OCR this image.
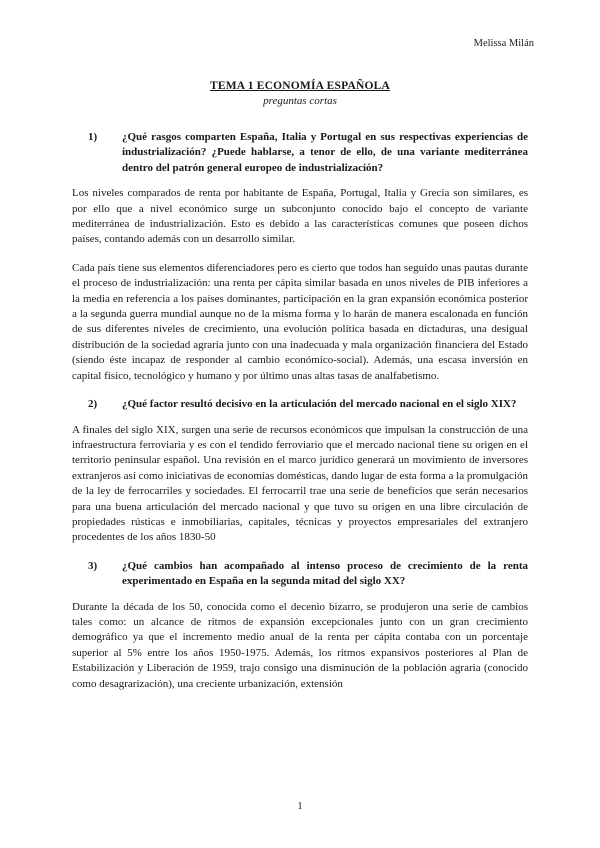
Melissa Milán
TEMA 1 ECONOMÍA ESPAÑOLA
preguntas cortas
1)	¿Qué rasgos comparten España, Italia y Portugal en sus respectivas experiencias de industrialización? ¿Puede hablarse, a tenor de ello, de una variante mediterránea dentro del patrón general europeo de industrialización?

Los niveles comparados de renta por habitante de España, Portugal, Italia y Grecia son similares, es por ello que a nivel económico surge un subconjunto conocido bajo el concepto de variante mediterránea de industrialización. Esto es debido a las características comunes que poseen dichos países, contando además con un desarrollo similar.

Cada país tiene sus elementos diferenciadores pero es cierto que todos han seguido unas pautas durante el proceso de industrialización: una renta per cápita similar basada en unos niveles de PIB inferiores a la media en referencia a los países dominantes, participación en la gran expansión económica posterior a la segunda guerra mundial aunque no de la misma forma y lo harán de manera escalonada en función de sus diferentes niveles de crecimiento, una evolución política basada en dictaduras, una desigual distribución de la sociedad agraria junto con una inadecuada y mala organización financiera del Estado (siendo éste incapaz de responder al cambio económico-social). Además, una escasa inversión en capital físico, tecnológico y humano y por último unas altas tasas de analfabetismo.

2)	¿Qué factor resultó decisivo en la articulación del mercado nacional en el siglo XIX?

A finales del siglo XIX, surgen una serie de recursos económicos que impulsan la construcción de una infraestructura ferroviaria y es con el tendido ferroviario que el mercado nacional tiene su origen en el territorio peninsular español. Una revisión en el marco jurídico generará un movimiento de inversores extranjeros así como iniciativas de economías domésticas, dando lugar de esta forma a la promulgación de la ley de ferrocarriles y sociedades. El ferrocarril trae una serie de beneficios que serán necesarios para una buena articulación del mercado nacional y que tuvo su origen en una libre circulación de propiedades rústicas e inmobiliarias, capitales, técnicas y proyectos empresariales del extranjero procedentes de los años 1830-50

3)	¿Qué cambios han acompañado al intenso proceso de crecimiento de la renta experimentado en España en la segunda mitad del siglo XX?

Durante la década de los 50, conocida como el decenio bizarro, se produjeron una serie de cambios tales como: un alcance de ritmos de expansión excepcionales junto con un gran crecimiento demográfico ya que el incremento medio anual de la renta per cápita contaba con un porcentaje superior al 5% entre los años 1950-1975. Además, los ritmos expansivos posteriores al Plan de Estabilización y Liberación de 1959, trajo consigo una disminución de la población agraria (conocido como desagrarización), una creciente urbanización, extensión

1
